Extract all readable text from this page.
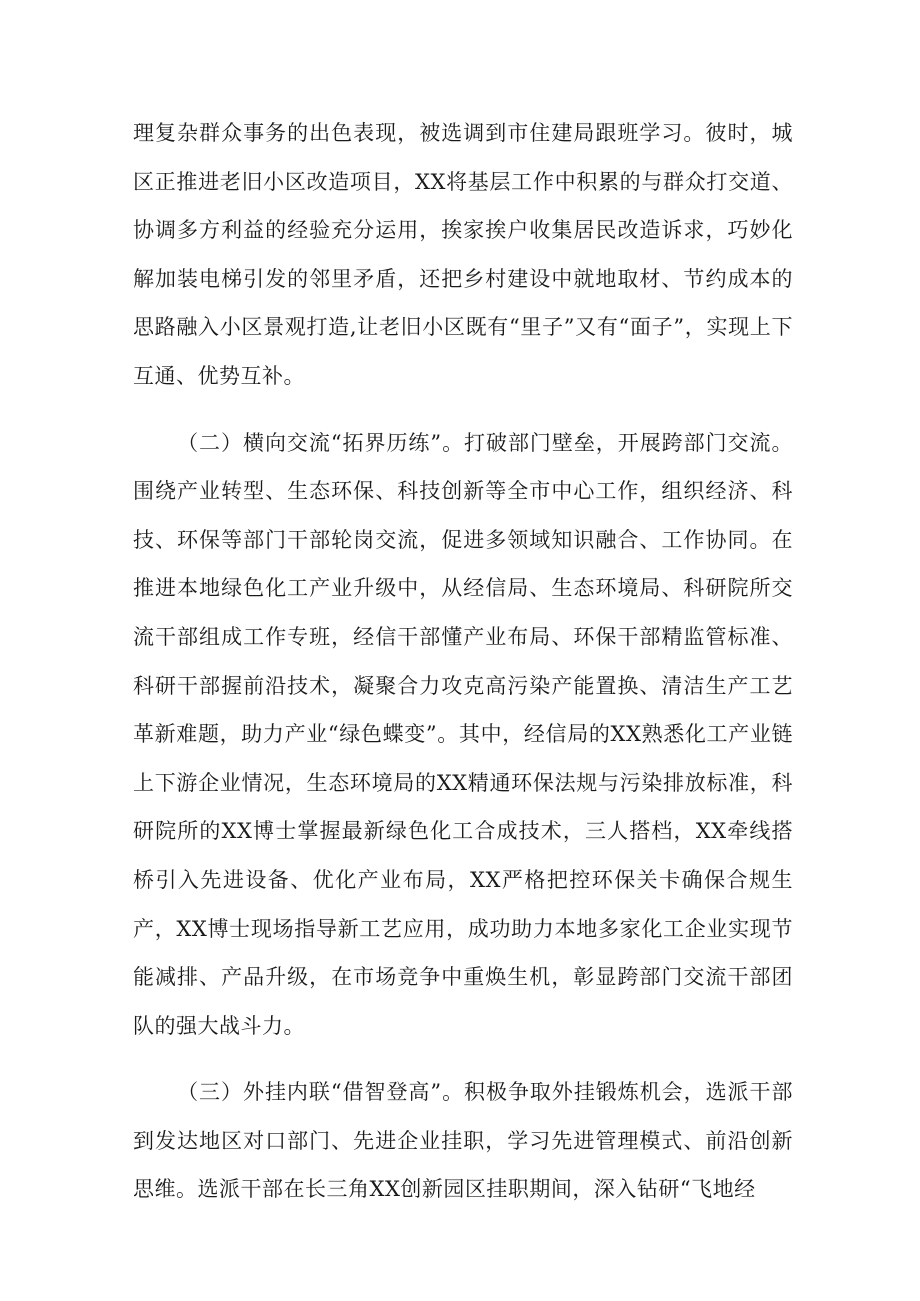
理复杂群众事务的出色表现，被选调到市住建局跟班学习。彼时，城区正推进老旧小区改造项目，XX将基层工作中积累的与群众打交道、协调多方利益的经验充分运用，挨家挨户收集居民改造诉求，巧妙化解加装电梯引发的邻里矛盾，还把乡村建设中就地取材、节约成本的思路融入小区景观打造,让老旧小区既有“里子”又有“面子”，实现上下互通、优势互补。

（二）横向交流“拓界历练”。打破部门壁垒，开展跨部门交流。围绕产业转型、生态环保、科技创新等全市中心工作，组织经济、科技、环保等部门干部轮岗交流，促进多领域知识融合、工作协同。在推进本地绿色化工产业升级中，从经信局、生态环境局、科研院所交流干部组成工作专班，经信干部懂产业布局、环保干部精监管标准、科研干部握前沿技术，凝聚合力攻克高污染产能置换、清洁生产工艺革新难题，助力产业“绿色蝶变”。其中，经信局的XX熟悉化工产业链上下游企业情况，生态环境局的XX精通环保法规与污染排放标准，科研院所的XX博士掌握最新绿色化工合成技术，三人搭档，XX牵线搭桥引入先进设备、优化产业布局，XX严格把控环保关卡确保合规生产，XX博士现场指导新工艺应用，成功助力本地多家化工企业实现节能减排、产品升级，在市场竞争中重焕生机，彰显跨部门交流干部团队的强大战斗力。

（三）外挂内联“借智登高”。积极争取外挂锻炼机会，选派干部到发达地区对口部门、先进企业挂职，学习先进管理模式、前沿创新思维。选派干部在长三角XX创新园区挂职期间，深入钻研“飞地经
